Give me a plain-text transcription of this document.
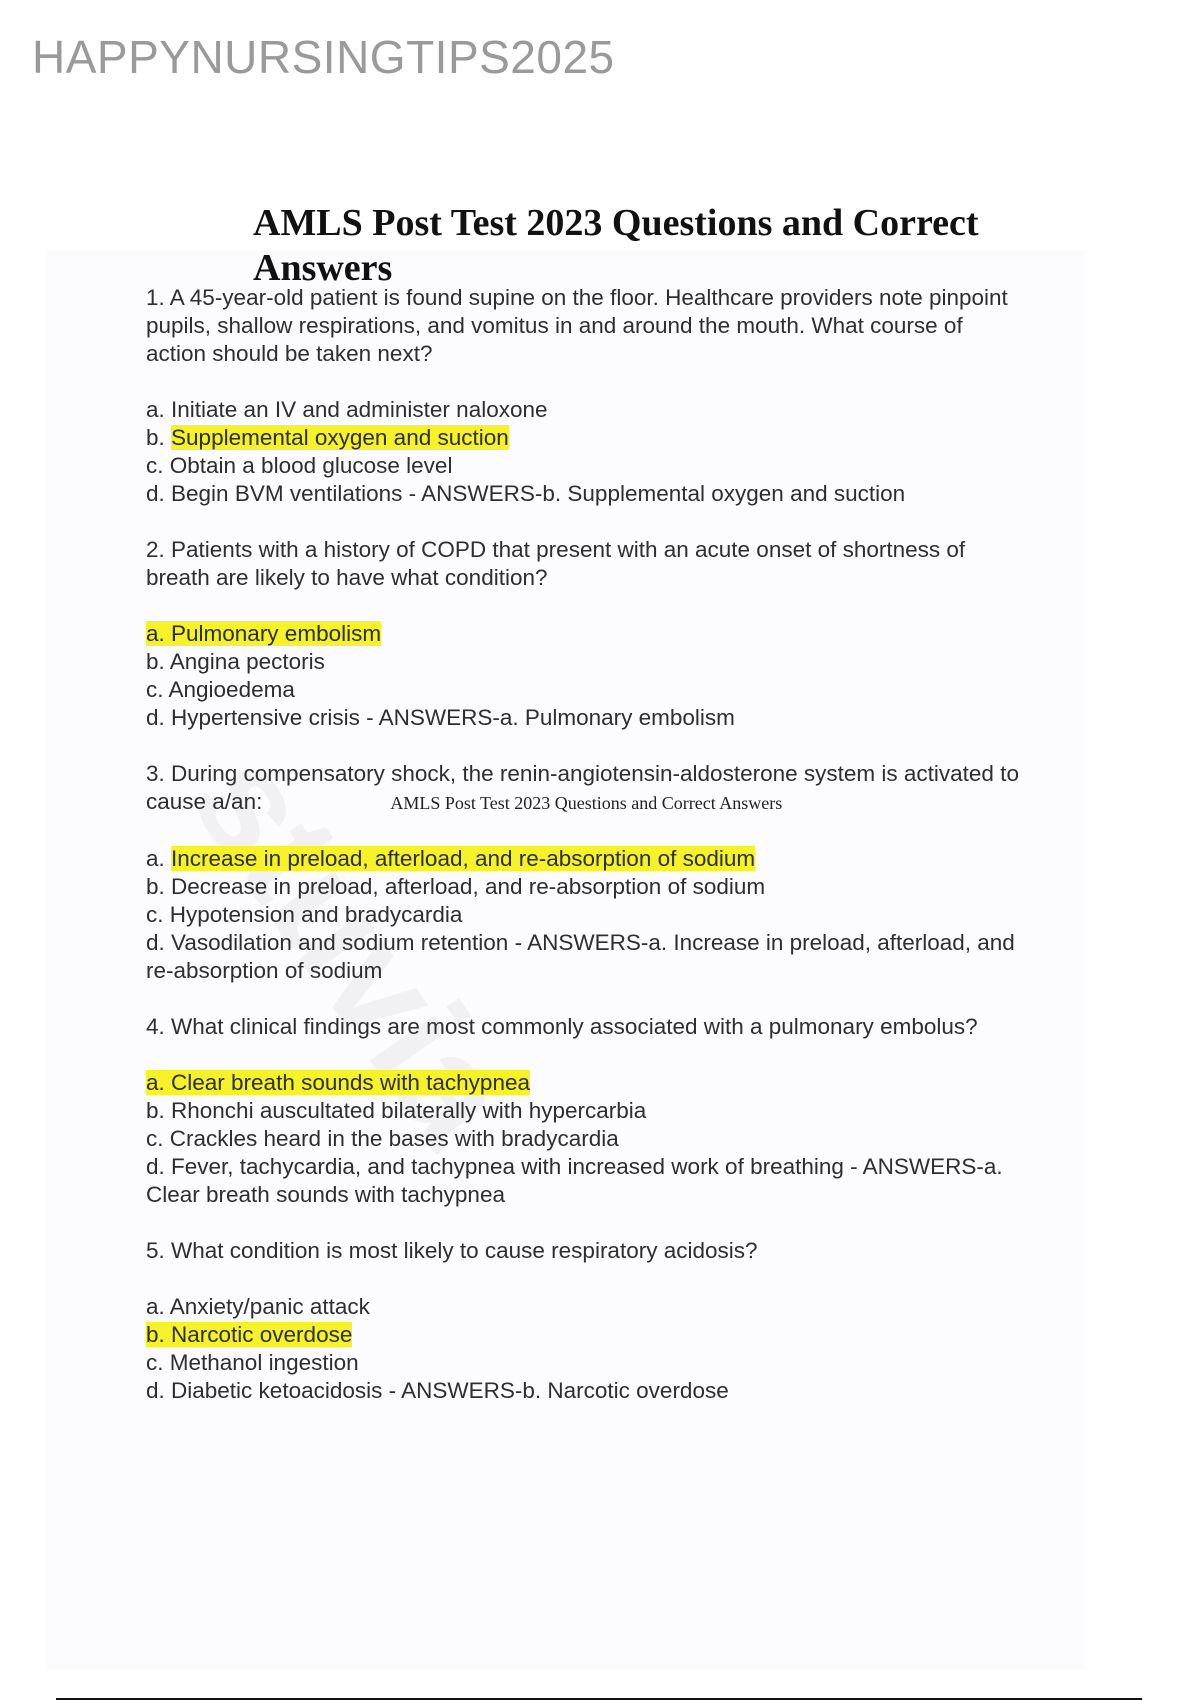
HAPPYNURSINGTIPS2025
AMLS Post Test 2023 Questions and Correct Answers
1. A 45-year-old patient is found supine on the floor. Healthcare providers note pinpoint
pupils, shallow respirations, and vomitus in and around the mouth. What course of
action should be taken next?
a. Initiate an IV and administer naloxone
b. Supplemental oxygen and suction
c. Obtain a blood glucose level
d. Begin BVM ventilations - ANSWERS-b. Supplemental oxygen and suction
2. Patients with a history of COPD that present with an acute onset of shortness of
breath are likely to have what condition?
a. Pulmonary embolism
b. Angina pectoris
c. Angioedema
d. Hypertensive crisis - ANSWERS-a. Pulmonary embolism
3. During compensatory shock, the renin-angiotensin-aldosterone system is activated to
cause a/an:	AMLS Post Test 2023 Questions and Correct Answers
a. Increase in preload, afterload, and re-absorption of sodium
b. Decrease in preload, afterload, and re-absorption of sodium
c. Hypotension and bradycardia
d. Vasodilation and sodium retention - ANSWERS-a. Increase in preload, afterload, and
re-absorption of sodium
4. What clinical findings are most commonly associated with a pulmonary embolus?
a. Clear breath sounds with tachypnea
b. Rhonchi auscultated bilaterally with hypercarbia
c. Crackles heard in the bases with bradycardia
d. Fever, tachycardia, and tachypnea with increased work of breathing - ANSWERS-a.
Clear breath sounds with tachypnea
5. What condition is most likely to cause respiratory acidosis?
a. Anxiety/panic attack
b. Narcotic overdose
c. Methanol ingestion
d. Diabetic ketoacidosis - ANSWERS-b. Narcotic overdose
